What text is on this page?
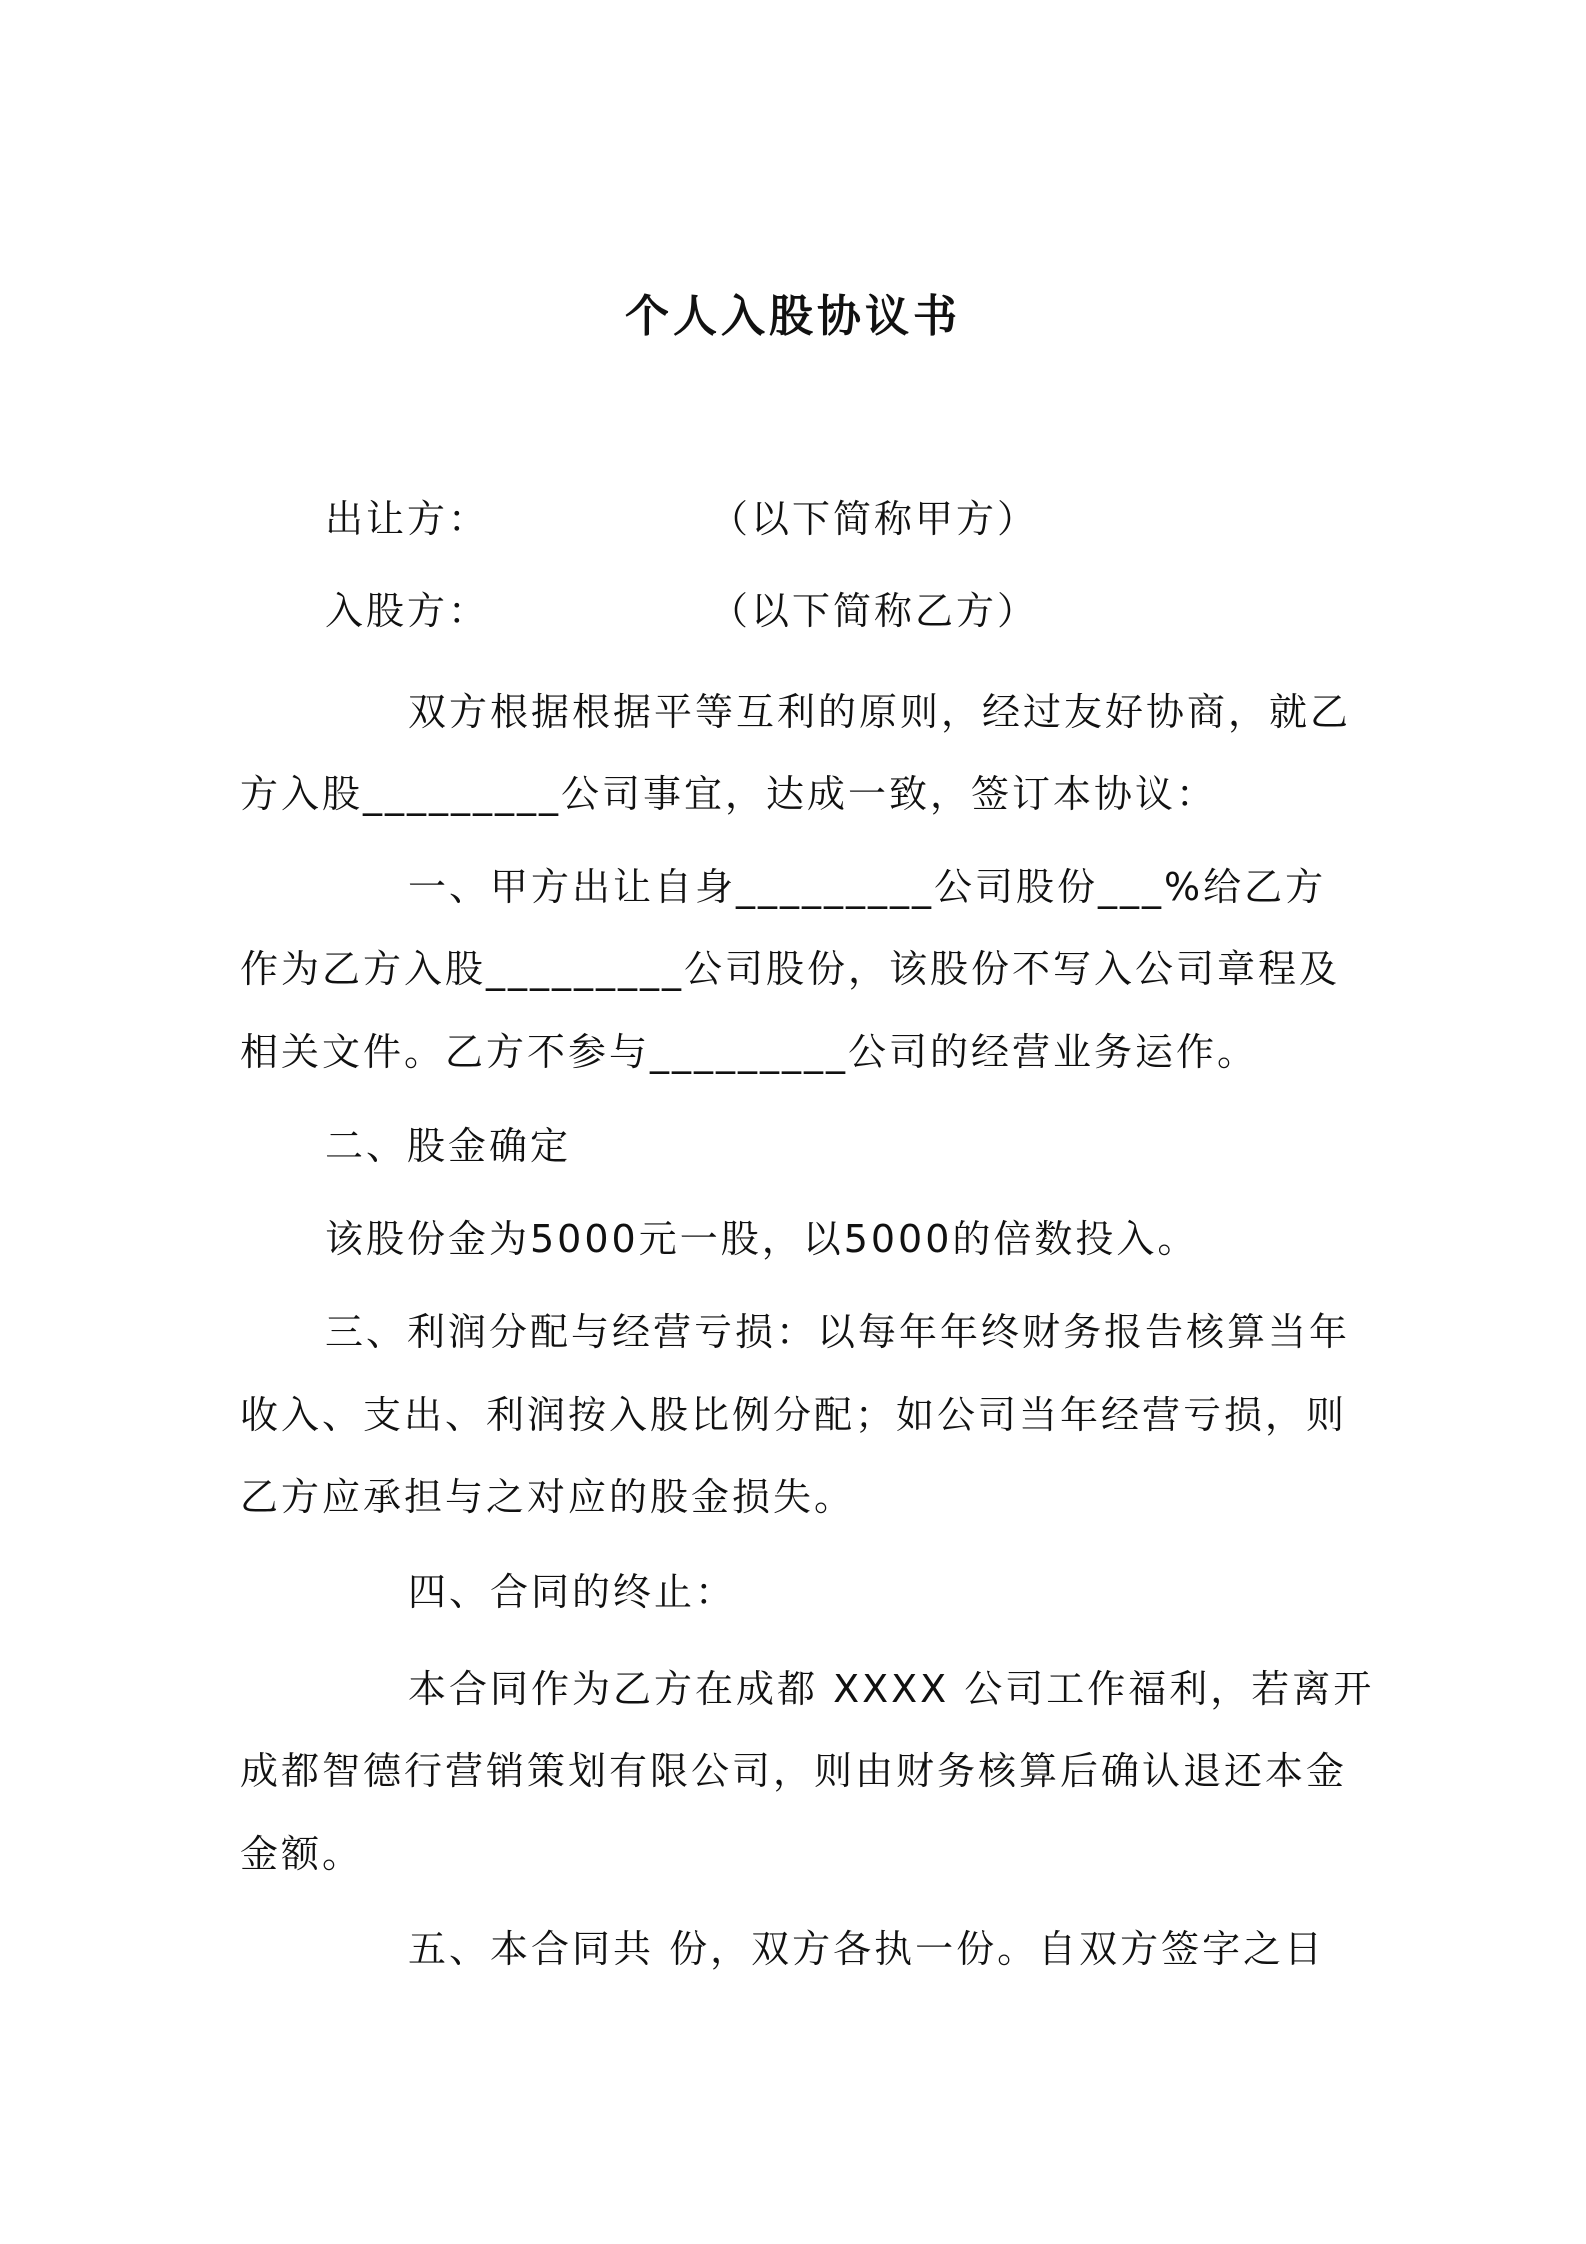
个人入股协议书
出让方：	（以下简称甲方）
入股方：	（以下简称乙方）
双方根据根据平等互利的原则，经过友好协商，就乙
方入股_________公司事宜，达成一致，签订本协议：
一、甲方出让自身_________公司股份___%给乙方
作为乙方入股_________公司股份，该股份不写入公司章程及
相关文件。乙方不参与_________公司的经营业务运作。
二、股金确定
该股份金为5000元一股，以5000的倍数投入。
三、利润分配与经营亏损：以每年年终财务报告核算当年
收入、支出、利润按入股比例分配；如公司当年经营亏损，则
乙方应承担与之对应的股金损失。
四、合同的终止：
本合同作为乙方在成都 XXXX 公司工作福利，若离开
成都智德行营销策划有限公司，则由财务核算后确认退还本金
金额。
五、本合同共 份，双方各执一份。自双方签字之日
